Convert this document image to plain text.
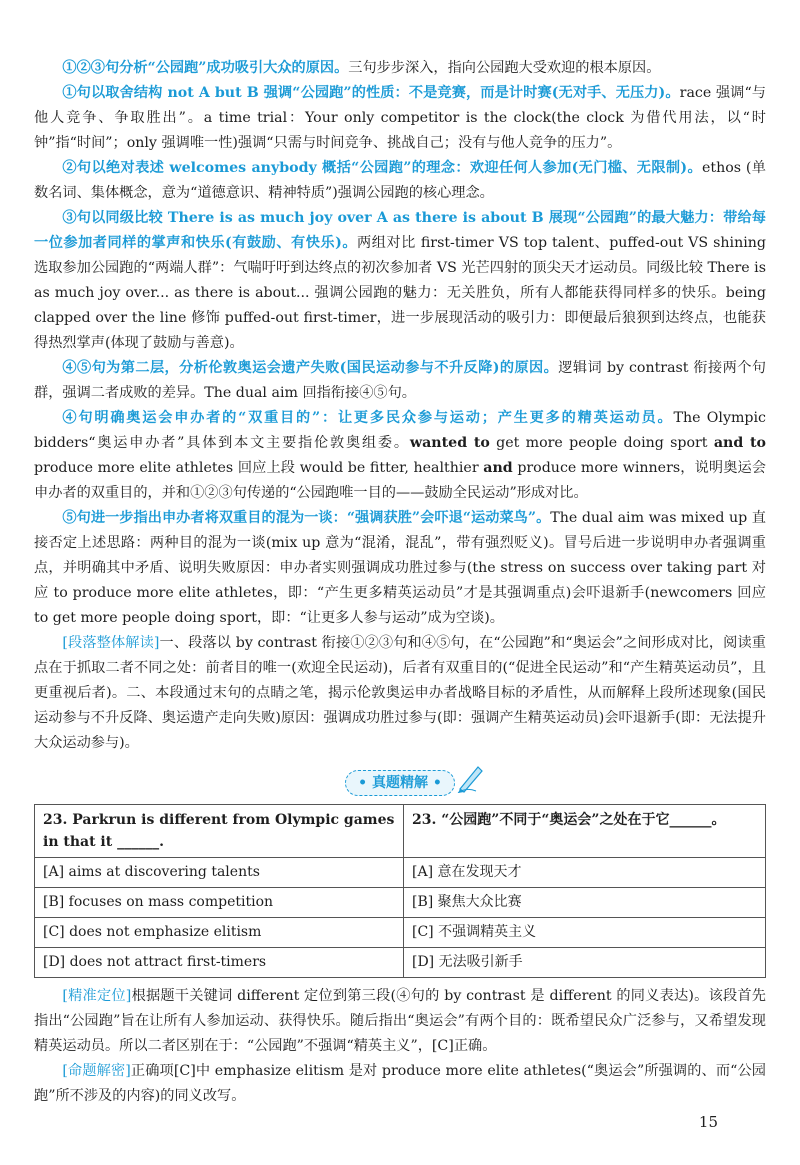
①②③句分析“公园跑”成功吸引大众的原因。三句步步深入，指向公园跑大受欢迎的根本原因。

①句以取舍结构 not A but B 强调“公园跑”的性质：不是竞赛，而是计时赛(无对手、无压力)。race 强调“与他人竞争、争取胜出”。a time trial：Your only competitor is the clock(the clock 为借代用法，以“时钟”指“时间”；only 强调唯一性)强调“只需与时间竞争、挑战自己；没有与他人竞争的压力”。

②句以绝对表述 welcomes anybody 概括“公园跑”的理念：欢迎任何人参加(无门槛、无限制)。ethos (单数名词、集体概念，意为“道德意识、精神特质”)强调公园跑的核心理念。

③句以同级比较 There is as much joy over A as there is about B 展现“公园跑”的最大魅力：带给每一位参加者同样的掌声和快乐(有鼓励、有快乐)。两组对比 first-timer VS top talent、puffed-out VS shining 选取参加公园跑的“两端人群”：气喘吁吁到达终点的初次参加者 VS 光芒四射的顶尖天才运动员。同级比较 There is as much joy over... as there is about... 强调公园跑的魅力：无关胜负，所有人都能获得同样多的快乐。being clapped over the line 修饰 puffed-out first-timer，进一步展现活动的吸引力：即便最后狼狈到达终点，也能获得热烈掌声(体现了鼓励与善意)。

④⑤句为第二层，分析伦敦奥运会遗产失败(国民运动参与不升反降)的原因。逻辑词 by contrast 衔接两个句群，强调二者成败的差异。The dual aim 回指衔接④⑤句。

④句明确奥运会申办者的“双重目的”：让更多民众参与运动；产生更多的精英运动员。The Olympic bidders“奥运申办者”具体到本文主要指伦敦奥组委。wanted to get more people doing sport and to produce more elite athletes 回应上段 would be fitter, healthier and produce more winners，说明奥运会申办者的双重目的，并和①②③句传递的“公园跑唯一目的——鼓励全民运动”形成对比。

⑤句进一步指出申办者将双重目的混为一谈：“强调获胜”会吓退“运动菜鸟”。The dual aim was mixed up 直接否定上述思路：两种目的混为一谈(mix up 意为“混淆，混乱”，带有强烈贬义)。冒号后进一步说明申办者强调重点，并明确其中矛盾、说明失败原因：申办者实则强调成功胜过参与(the stress on success over taking part 对应 to produce more elite athletes，即：“产生更多精英运动员”才是其强调重点)会吓退新手(newcomers 回应 to get more people doing sport，即：“让更多人参与运动”成为空谈)。

[段落整体解读]一、段落以 by contrast 衔接①②③句和④⑤句，在“公园跑”和“奥运会”之间形成对比，阅读重点在于抓取二者不同之处：前者目的唯一(欢迎全民运动)，后者有双重目的(“促进全民运动”和“产生精英运动员”，且更重视后者)。二、本段通过末句的点睛之笔，揭示伦敦奥运申办者战略目标的矛盾性，从而解释上段所述现象(国民运动参与不升反降、奥运遗产走向失败)原因：强调成功胜过参与(即：强调产生精英运动员)会吓退新手(即：无法提升大众运动参与)。

• 真题精解 •
23. Parkrun is different from Olympic games in that it ______.	23. “公园跑”不同于“奥运会”之处在于它______。
[A] aims at discovering talents	[A] 意在发现天才
[B] focuses on mass competition	[B] 聚焦大众比赛
[C] does not emphasize elitism	[C] 不强调精英主义
[D] does not attract first-timers	[D] 无法吸引新手

[精准定位]根据题干关键词 different 定位到第三段(④句的 by contrast 是 different 的同义表达)。该段首先指出“公园跑”旨在让所有人参加运动、获得快乐。随后指出“奥运会”有两个目的：既希望民众广泛参与，又希望发现精英运动员。所以二者区别在于：“公园跑”不强调“精英主义”，[C]正确。

[命题解密]正确项[C]中 emphasize elitism 是对 produce more elite athletes(“奥运会”所强调的、而“公园跑”所不涉及的内容)的同义改写。

15
